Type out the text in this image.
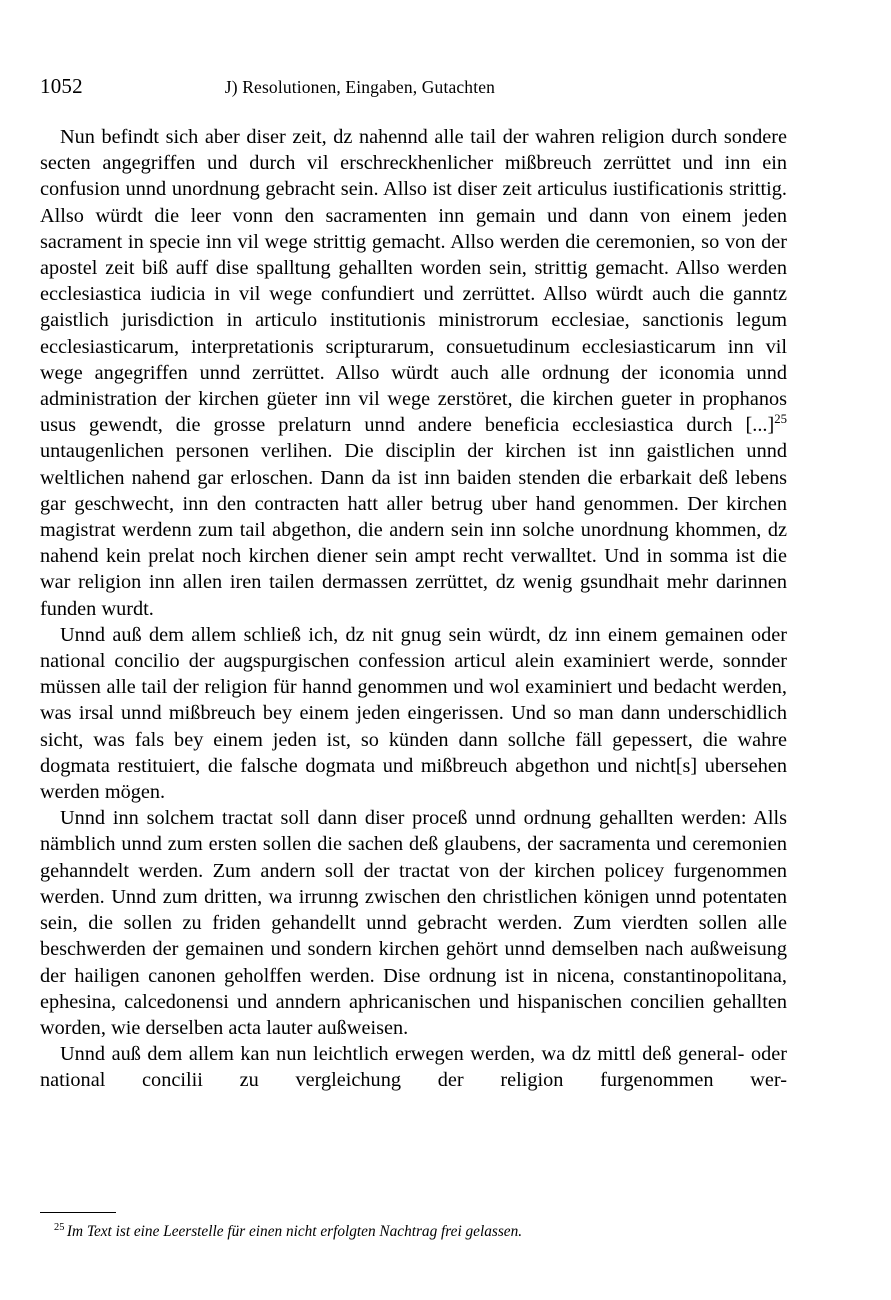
1052	J) Resolutionen, Eingaben, Gutachten

Nun befindt sich aber diser zeit, dz nahennd alle tail der wahren religion durch sondere secten angegriffen und durch vil erschreckhenlicher mißbreuch zerrüttet und inn ein confusion unnd unordnung gebracht sein. Allso ist diser zeit articulus iustificationis strittig. Allso würdt die leer vonn den sacramenten inn gemain und dann von einem jeden sacrament in specie inn vil wege strittig gemacht. Allso werden die ceremonien, so von der apostel zeit biß auff dise spalltung gehallten worden sein, strittig gemacht. Allso werden ecclesiastica iudicia in vil wege confundiert und zerrüttet. Allso würdt auch die ganntz gaistlich jurisdiction in articulo institutionis ministrorum ecclesiae, sanctionis legum ecclesiasticarum, interpretationis scripturarum, consuetudinum ecclesiasticarum inn vil wege angegriffen unnd zerrüttet. Allso würdt auch alle ordnung der iconomia unnd administration der kirchen güeter inn vil wege zerstöret, die kirchen gueter in prophanos usus gewendt, die grosse prelaturn unnd andere beneficia ecclesiastica durch [...]$^{25}$ untaugenlichen personen verlihen. Die disciplin der kirchen ist inn gaistlichen unnd weltlichen nahend gar erloschen. Dann da ist inn baiden stenden die erbarkait deß lebens gar geschwecht, inn den contracten hatt aller betrug uber hand genommen. Der kirchen magistrat werdenn zum tail abgethon, die andern sein inn solche unordnung khommen, dz nahend kein prelat noch kirchen diener sein ampt recht verwalltet. Und in somma ist die war religion inn allen iren tailen dermassen zerrüttet, dz wenig gsundhait mehr darinnen funden wurdt.

Unnd auß dem allem schließ ich, dz nit gnug sein würdt, dz inn einem gemainen oder national concilio der augspurgischen confession articul alein examiniert werde, sonnder müssen alle tail der religion für hannd genommen und wol examiniert und bedacht werden, was irsal unnd mißbreuch bey einem jeden eingerissen. Und so man dann underschidlich sicht, was fals bey einem jeden ist, so künden dann sollche fäll gepessert, die wahre dogmata restituiert, die falsche dogmata und mißbreuch abgethon und nicht[s] ubersehen werden mögen.

Unnd inn solchem tractat soll dann diser proceß unnd ordnung gehallten werden: Alls nämblich unnd zum ersten sollen die sachen deß glaubens, der sacramenta und ceremonien gehanndelt werden. Zum andern soll der tractat von der kirchen policey furgenommen werden. Unnd zum dritten, wa irrunng zwischen den christlichen königen unnd potentaten sein, die sollen zu friden gehandellt unnd gebracht werden. Zum vierdten sollen alle beschwerden der gemainen und sondern kirchen gehört unnd demselben nach außweisung der hailigen canonen geholffen werden. Dise ordnung ist in nicena, constantinopolitana, ephesina, calcedonensi und anndern aphricanischen und hispanischen concilien gehallten worden, wie derselben acta lauter außweisen.

Unnd auß dem allem kan nun leichtlich erwegen werden, wa dz mittl deß general- oder national concilii zu vergleichung der religion furgenommen wer-

$^{25}$ Im Text ist eine Leerstelle für einen nicht erfolgten Nachtrag frei gelassen.
